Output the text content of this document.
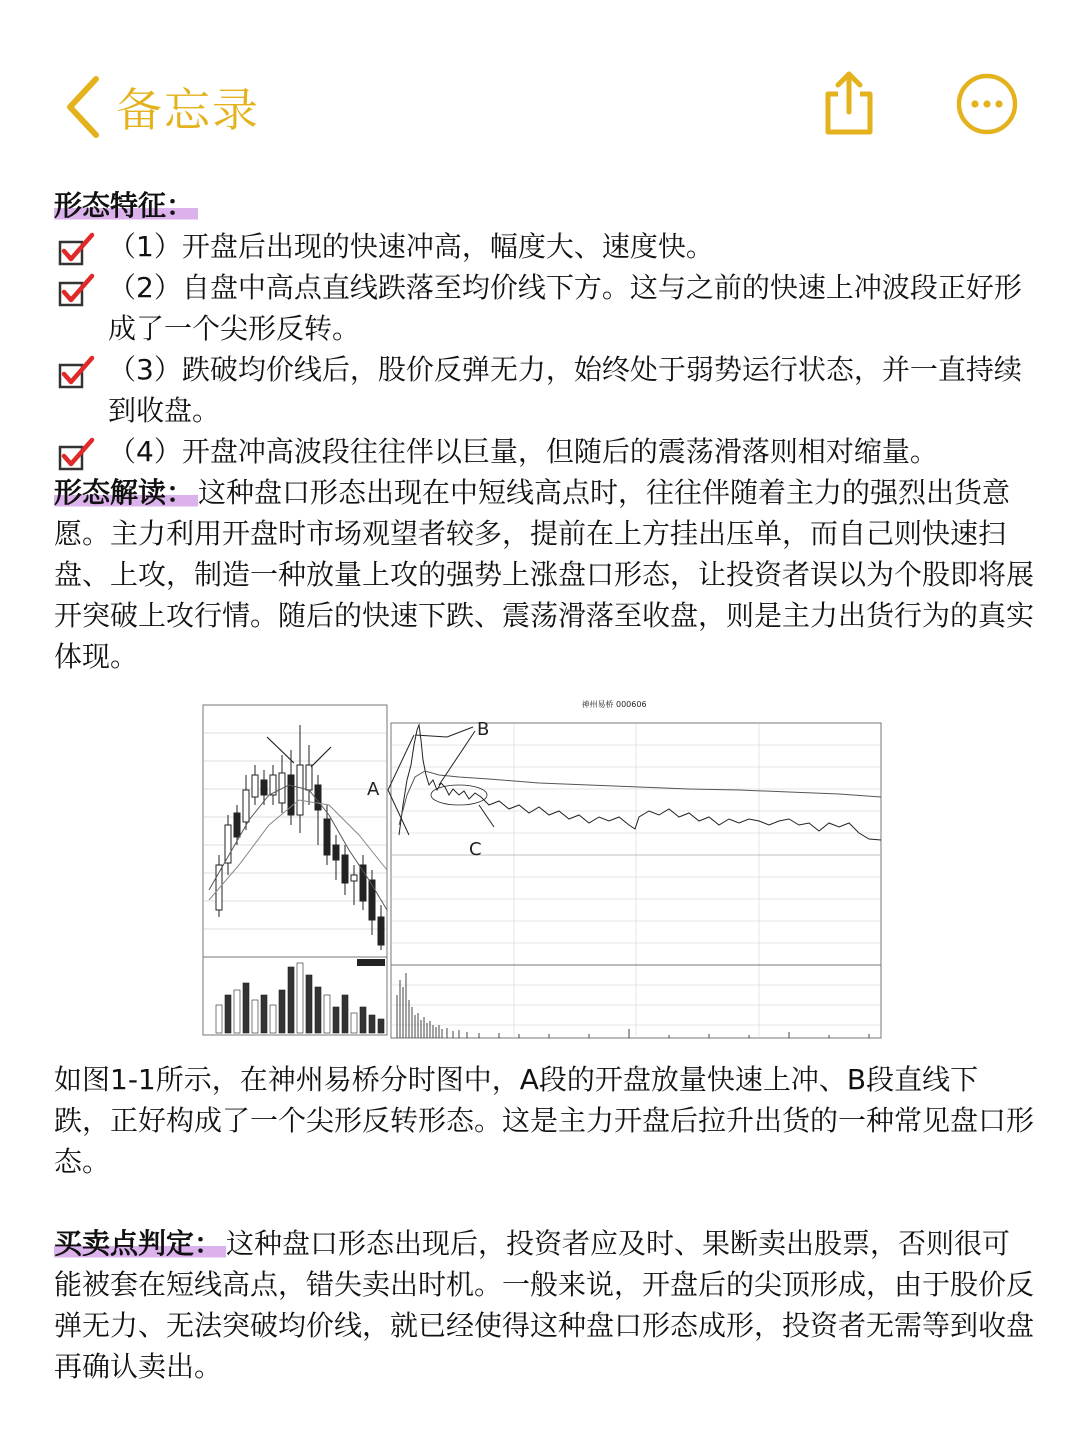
备忘录
形态特征：
（1）开盘后出现的快速冲高，幅度大、速度快。
（2）自盘中高点直线跌落至均价线下方。这与之前的快速上冲波段正好形成了一个尖形反转。
（3）跌破均价线后，股价反弹无力，始终处于弱势运行状态，并一直持续到收盘。
（4）开盘冲高波段往往伴以巨量，但随后的震荡滑落则相对缩量。

形态解读： 这种盘口形态出现在中短线高点时，往往伴随着主力的强烈出货意愿。主力利用开盘时市场观望者较多，提前在上方挂出压单，而自己则快速扫盘、上攻，制造一种放量上攻的强势上涨盘口形态，让投资者误以为个股即将展开突破上攻行情。随后的快速下跌、震荡滑落至收盘，则是主力出货行为的真实体现。

神州易桥 000606
B
A
C

如图1-1所示，在神州易桥分时图中，A段的开盘放量快速上冲、B段直线下跌，正好构成了一个尖形反转形态。这是主力开盘后拉升出货的一种常见盘口形态。

买卖点判定： 这种盘口形态出现后，投资者应及时、果断卖出股票，否则很可能被套在短线高点，错失卖出时机。一般来说，开盘后的尖顶形成，由于股价反弹无力、无法突破均价线，就已经使得这种盘口形态成形，投资者无需等到收盘再确认卖出。
